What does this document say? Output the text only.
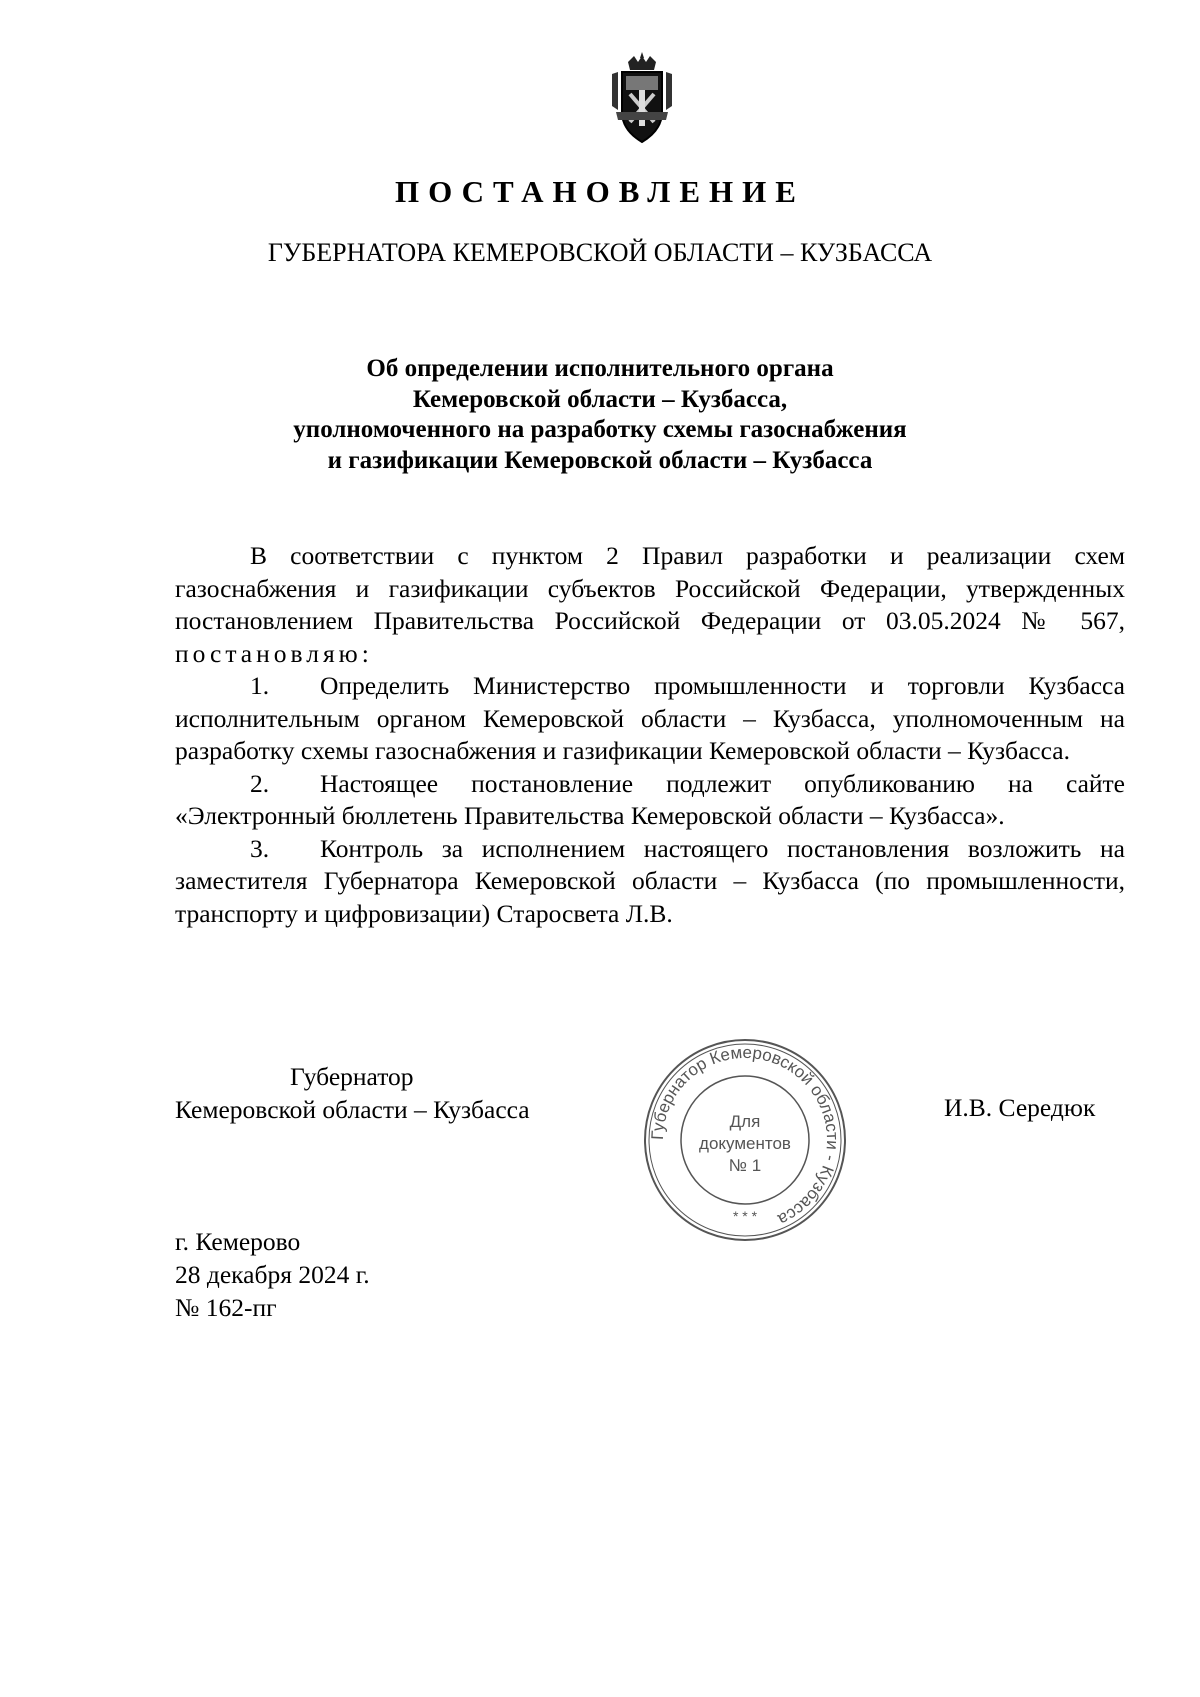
ПОСТАНОВЛЕНИЕ
ГУБЕРНАТОРА КЕМЕРОВСКОЙ ОБЛАСТИ – КУЗБАССА
Об определении исполнительного органа
Кемеровской области – Кузбасса,
уполномоченного на разработку схемы газоснабжения
и газификации Кемеровской области – Кузбасса

В соответствии с пунктом 2 Правил разработки и реализации схем газоснабжения и газификации субъектов Российской Федерации, утвержденных постановлением Правительства Российской Федерации от 03.05.2024 № 567, постановляю:

1. Определить Министерство промышленности и торговли Кузбасса исполнительным органом Кемеровской области – Кузбасса, уполномоченным на разработку схемы газоснабжения и газификации Кемеровской области – Кузбасса.

2. Настоящее постановление подлежит опубликованию на сайте «Электронный бюллетень Правительства Кемеровской области – Кузбасса».

3. Контроль за исполнением настоящего постановления возложить на заместителя Губернатора Кемеровской области – Кузбасса (по промышленности, транспорту и цифровизации) Старосвета Л.В.

Губернатор
Кемеровской области – Кузбасса
Губернатор Кемеровской области - Кузбасса
Для
документов
№ 1
* * *
И.В. Середюк
г. Кемерово
28 декабря 2024 г.
№ 162-пг
